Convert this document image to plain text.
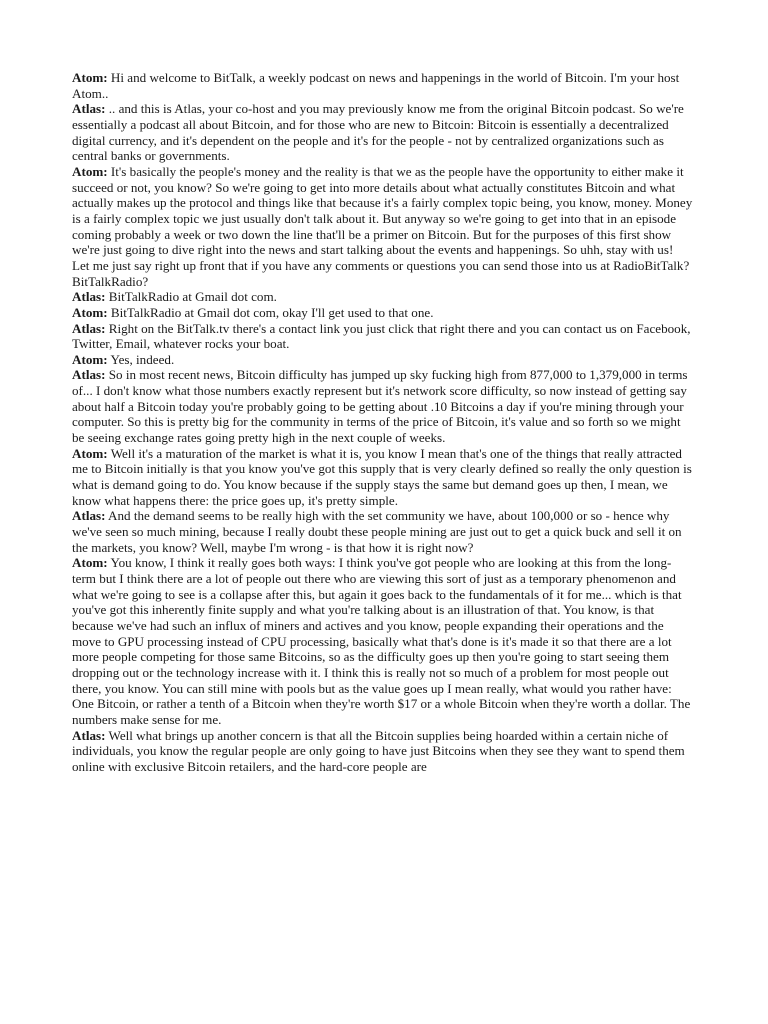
Atom: Hi and welcome to BitTalk, a weekly podcast on news and happenings in the world of Bitcoin. I'm your host Atom..

Atlas: .. and this is Atlas, your co-host and you may previously know me from the original Bitcoin podcast. So we're essentially a podcast all about Bitcoin, and for those who are new to Bitcoin: Bitcoin is essentially a decentralized digital currency, and it's dependent on the people and it's for the people - not by centralized organizations such as central banks or governments.

Atom: It's basically the people's money and the reality is that we as the people have the opportunity to either make it succeed or not, you know? So we're going to get into more details about what actually constitutes Bitcoin and what actually makes up the protocol and things like that because it's a fairly complex topic being, you know, money. Money is a fairly complex topic we just usually don't talk about it. But anyway so we're going to get into that in an episode coming probably a week or two down the line that'll be a primer on Bitcoin. But for the purposes of this first show we're just going to dive right into the news and start talking about the events and happenings. So uhh, stay with us! Let me just say right up front that if you have any comments or questions you can send those into us at RadioBitTalk? BitTalkRadio?

Atlas: BitTalkRadio at Gmail dot com.

Atom: BitTalkRadio at Gmail dot com, okay I'll get used to that one.

Atlas: Right on the BitTalk.tv there's a contact link you just click that right there and you can contact us on Facebook, Twitter, Email, whatever rocks your boat.

Atom: Yes, indeed.

Atlas: So in most recent news, Bitcoin difficulty has jumped up sky fucking high from 877,000 to 1,379,000 in terms of... I don't know what those numbers exactly represent but it's network score difficulty, so now instead of getting say about half a Bitcoin today you're probably going to be getting about .10 Bitcoins a day if you're mining through your computer. So this is pretty big for the community in terms of the price of Bitcoin, it's value and so forth so we might be seeing exchange rates going pretty high in the next couple of weeks.

Atom: Well it's a maturation of the market is what it is, you know I mean that's one of the things that really attracted me to Bitcoin initially is that you know you've got this supply that is very clearly defined so really the only question is what is demand going to do. You know because if the supply stays the same but demand goes up then, I mean, we know what happens there: the price goes up, it's pretty simple.

Atlas: And the demand seems to be really high with the set community we have, about 100,000 or so - hence why we've seen so much mining, because I really doubt these people mining are just out to get a quick buck and sell it on the markets, you know? Well, maybe I'm wrong - is that how it is right now?

Atom: You know, I think it really goes both ways: I think you've got people who are looking at this from the long-term but I think there are a lot of people out there who are viewing this sort of just as a temporary phenomenon and what we're going to see is a collapse after this, but again it goes back to the fundamentals of it for me... which is that you've got this inherently finite supply and what you're talking about is an illustration of that. You know, is that because we've had such an influx of miners and actives and you know, people expanding their operations and the move to GPU processing instead of CPU processing, basically what that's done is it's made it so that there are a lot more people competing for those same Bitcoins, so as the difficulty goes up then you're going to start seeing them dropping out or the technology increase with it. I think this is really not so much of a problem for most people out there, you know. You can still mine with pools but as the value goes up I mean really, what would you rather have: One Bitcoin, or rather a tenth of a Bitcoin when they're worth $17 or a whole Bitcoin when they're worth a dollar. The numbers make sense for me.

Atlas: Well what brings up another concern is that all the Bitcoin supplies being hoarded within a certain niche of individuals, you know the regular people are only going to have just Bitcoins when they see they want to spend them online with exclusive Bitcoin retailers, and the hard-core people are
